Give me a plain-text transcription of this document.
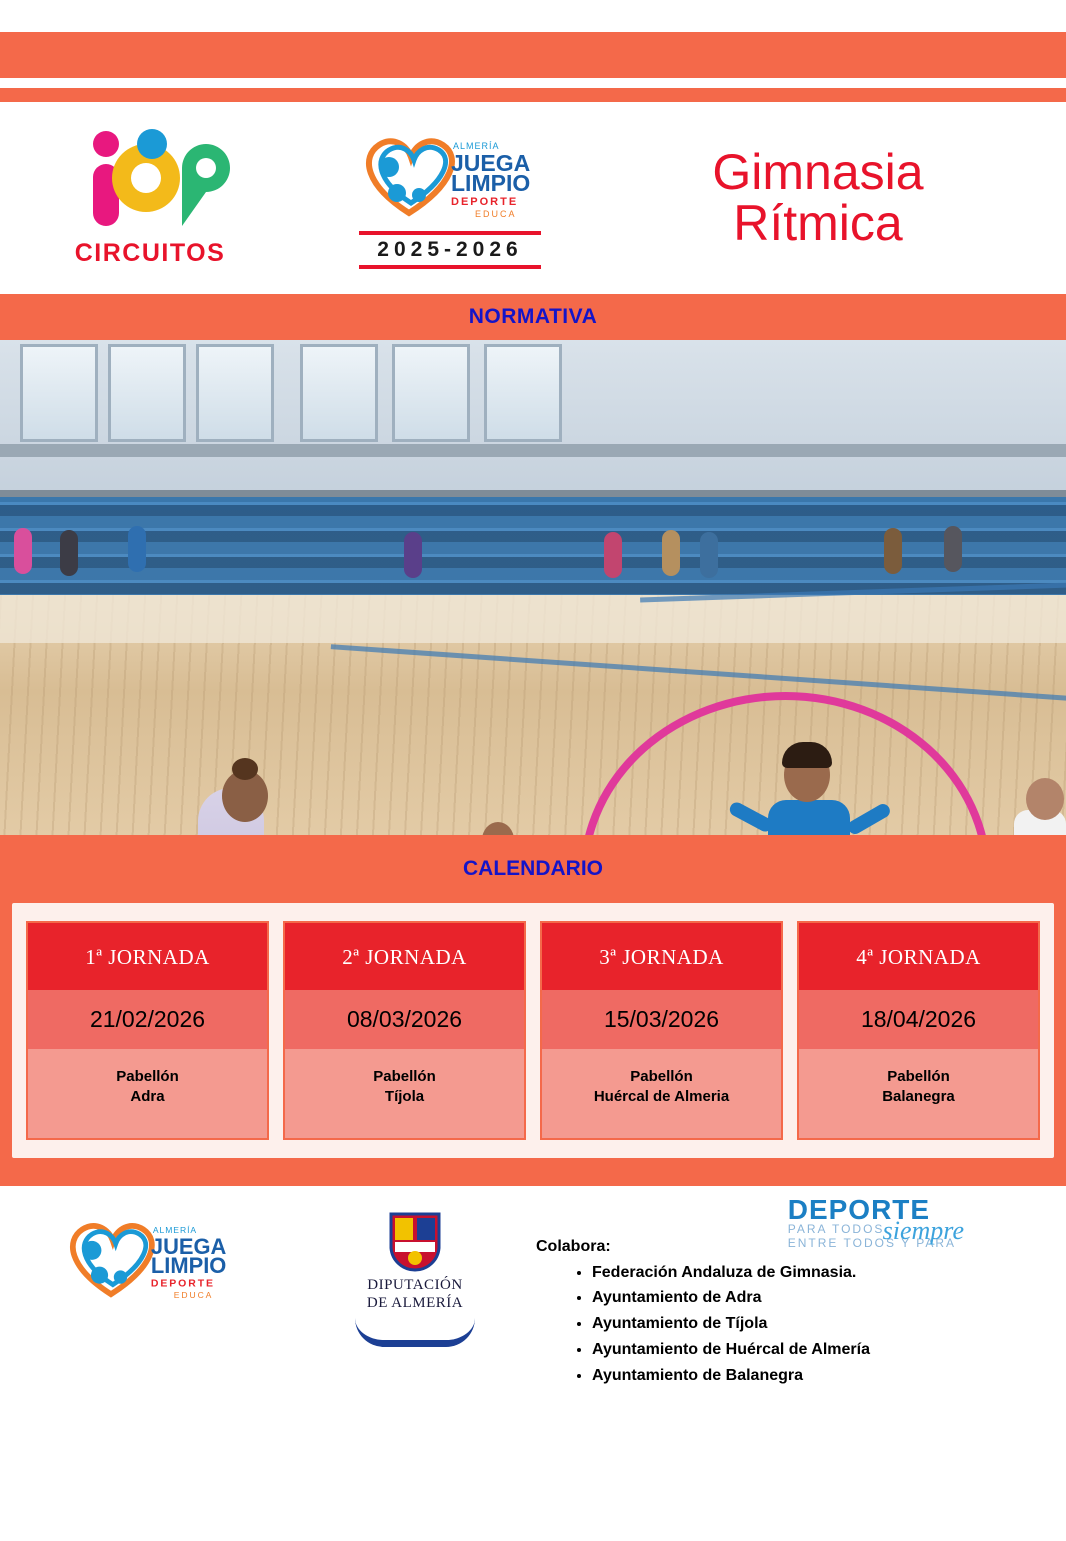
CIRCUITOS
ALMERÍA
JUEGA
LIMPIO
DEPORTE
EDUCA
2025-2026
Gimnasia
Rítmica
NORMATIVA
CALENDARIO
1ª JORNADA
21/02/2026
Pabellón
Adra
2ª JORNADA
08/03/2026
Pabellón
Tíjola
3ª JORNADA
15/03/2026
Pabellón
Huércal de Almeria
4ª JORNADA
18/04/2026
Pabellón
Balanegra
ALMERÍA
JUEGA
LIMPIO
DEPORTE
EDUCA
DIPUTACIÓN
DE ALMERÍA
Colabora:
• Federación Andaluza de Gimnasia.
• Ayuntamiento de Adra
• Ayuntamiento de Tíjola
• Ayuntamiento de Huércal de Almería
• Ayuntamiento de Balanegra
DEPORTE
PARA TODOS
ENTRE TODOS Y PARA
siempre
